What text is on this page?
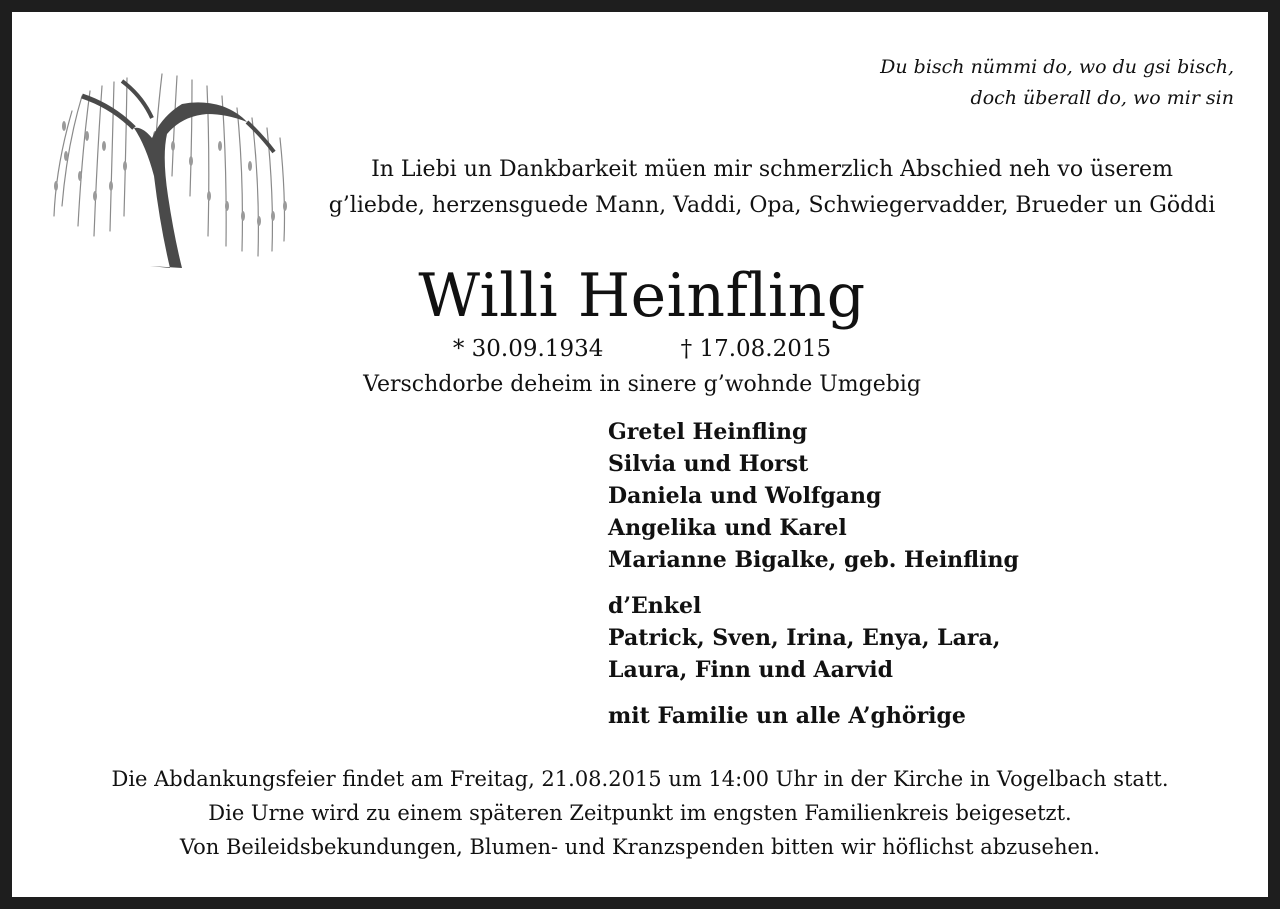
Du bisch nümmi do, wo du gsi bisch,
doch überall do, wo mir sin
In Liebi un Dankbarkeit müen mir schmerzlich Abschied neh vo üserem
g’liebde, herzensguede Mann, Vaddi, Opa, Schwiegervadder, Brueder un Göddi
Willi Heinfling
* 30.09.1934	† 17.08.2015
Verschdorbe deheim in sinere g’wohnde Umgebig
Gretel Heinfling
Silvia und Horst
Daniela und Wolfgang
Angelika und Karel
Marianne Bigalke, geb. Heinfling
d’Enkel
Patrick, Sven, Irina, Enya, Lara,
Laura, Finn und Aarvid
mit Familie un alle A’ghörige
Die Abdankungsfeier findet am Freitag, 21.08.2015 um 14:00 Uhr in der Kirche in Vogelbach statt.
Die Urne wird zu einem späteren Zeitpunkt im engsten Familienkreis beigesetzt.
Von Beileidsbekundungen, Blumen- und Kranzspenden bitten wir höflichst abzusehen.
